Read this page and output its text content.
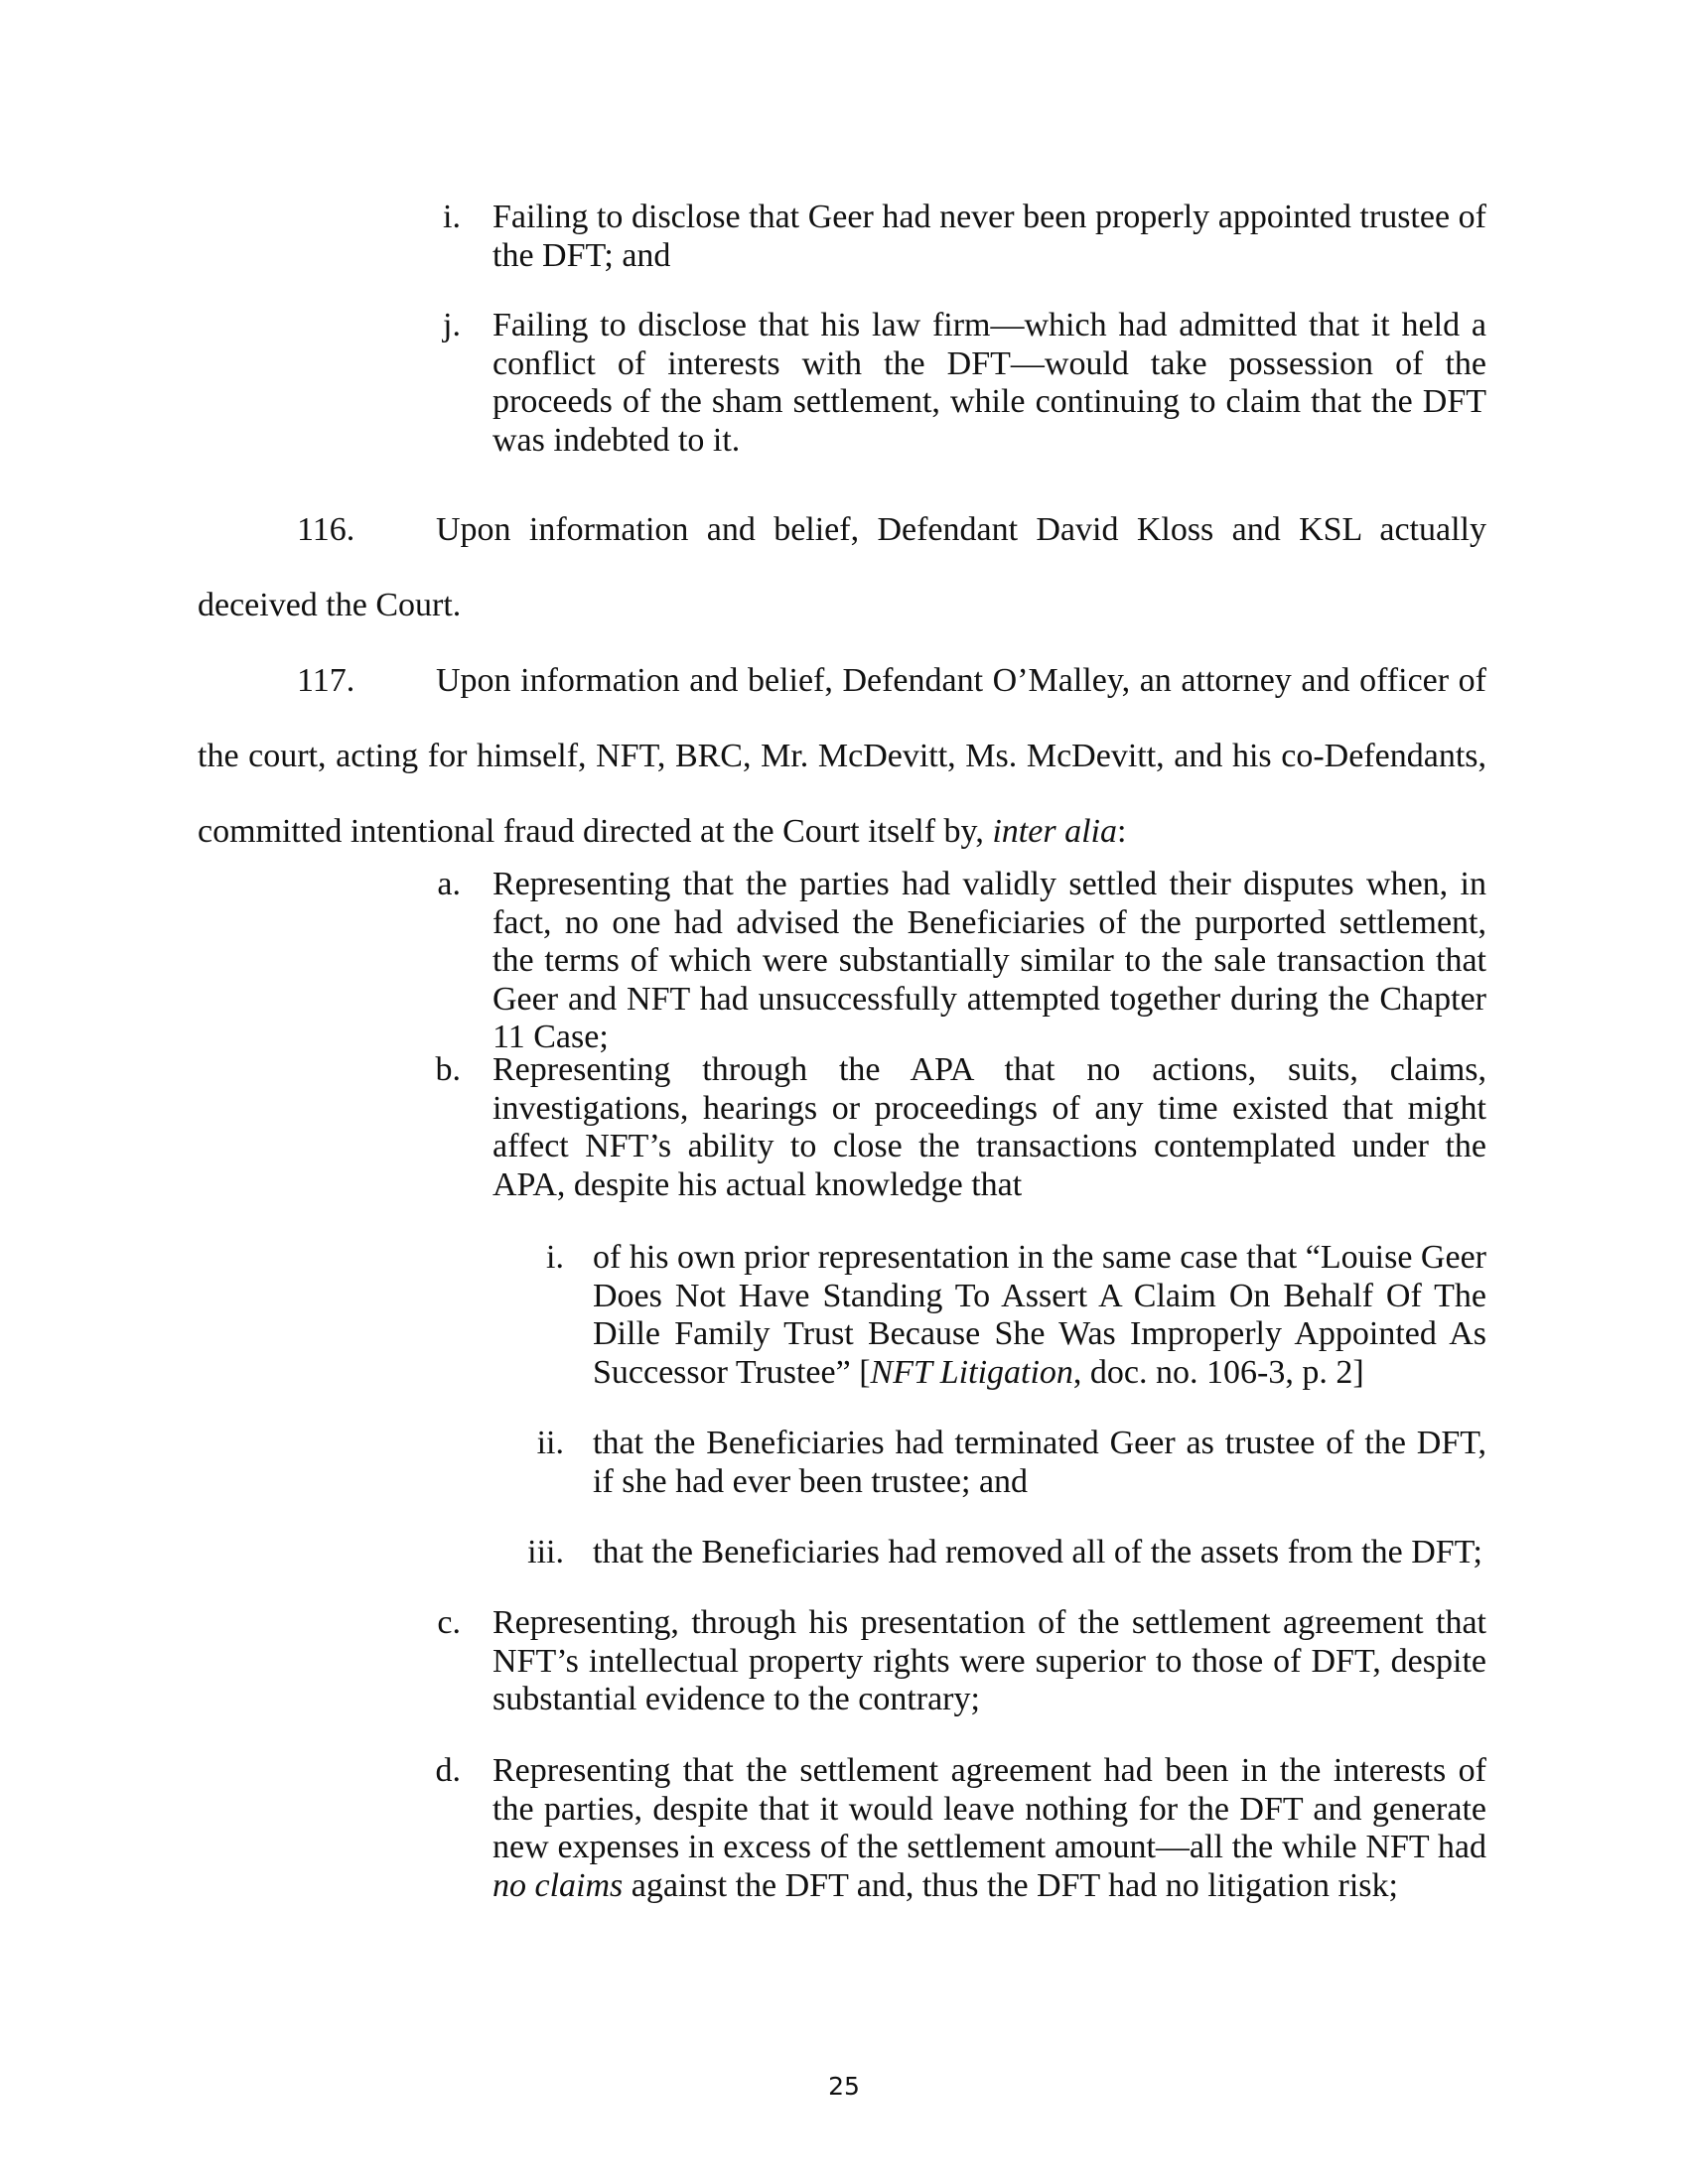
i. Failing to disclose that Geer had never been properly appointed trustee of the DFT; and
j. Failing to disclose that his law firm—which had admitted that it held a conflict of interests with the DFT—would take possession of the proceeds of the sham settlement, while continuing to claim that the DFT was indebted to it.
116. Upon information and belief, Defendant David Kloss and KSL actually deceived the Court.
117. Upon information and belief, Defendant O’Malley, an attorney and officer of the court, acting for himself, NFT, BRC, Mr. McDevitt, Ms. McDevitt, and his co-Defendants, committed intentional fraud directed at the Court itself by, inter alia:
a. Representing that the parties had validly settled their disputes when, in fact, no one had advised the Beneficiaries of the purported settlement, the terms of which were substantially similar to the sale transaction that Geer and NFT had unsuccessfully attempted together during the Chapter 11 Case;
b. Representing through the APA that no actions, suits, claims, investigations, hearings or proceedings of any time existed that might affect NFT’s ability to close the transactions contemplated under the APA, despite his actual knowledge that
i. of his own prior representation in the same case that “Louise Geer Does Not Have Standing To Assert A Claim On Behalf Of The Dille Family Trust Because She Was Improperly Appointed As Successor Trustee” [NFT Litigation, doc. no. 106-3, p. 2]
ii. that the Beneficiaries had terminated Geer as trustee of the DFT, if she had ever been trustee; and
iii. that the Beneficiaries had removed all of the assets from the DFT;
c. Representing, through his presentation of the settlement agreement that NFT’s intellectual property rights were superior to those of DFT, despite substantial evidence to the contrary;
d. Representing that the settlement agreement had been in the interests of the parties, despite that it would leave nothing for the DFT and generate new expenses in excess of the settlement amount—all the while NFT had no claims against the DFT and, thus the DFT had no litigation risk;
25
